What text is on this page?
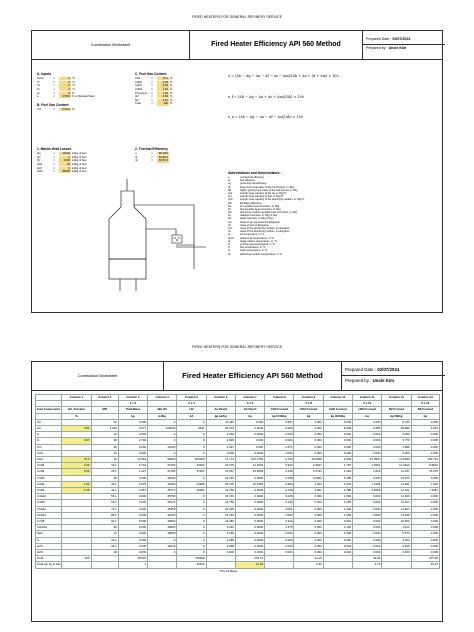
FIRED HEATERS FOR GENERAL REFINERY SERVICE
Combustion Worksheet	Fired Heater Efficiency API 560 Method
Prepared Date : 02/07/2024
Prepared by : Uncle Kim
A. Inputs
Tamb	=	0 °C
Tf	=	0 °C
Ta	=	0 °C
Ts	=	0 °C
ex	=	0 %
a	=	2.50% % of liberated heat
B. Fuel Gas Content
CO	=	0.00% %
C. Fuel Gas Content
CH4	=	75.4 %
C2H6	=	2.33 %
C2H4	=	5.06 %
C3H8	=	1.54 %
Propylene	=	1.56 %
H2	=	3.82 %
N2	=	6.07 %
Total	=	100 %
e = (Δh − Δq − Δa − Δf − Δs − Δm)/(Δh + Δa + Δf + Δm) × 100
e_f = (Δh − Δq − Δa + Δr + Δm)/(Δh) × 100
e_n = (Δh − Δq − Δa − Δf − Δs)/(Δh) × 100
1. Maxim Heat Losses
Qa	=	46130 kJ/kg of fuel
Qs	=	0 kJ/kg of fuel
Qr	=	1000 kJ/kg of fuel
ΔHa	=	43 kJ/kg of fuel
ΔHf	=	0 kJ/kg of fuel
ΔHm	=	88000 kJ/kg of fuel
2. Thermal Efficiency
η	=	85.18%
ηf	=	83.89%
ηn	=	83.51%
Abbreviations and Nomenclature :
e	net thermal efficiency
ef	fuel efficiency
eg	gross thermal efficiency
hL	lower (net) heat value of the fuel burned, in J/kg
hH	higher (gross) heat value of the fuel burned, in J/kg
cpa	specific heat capacity of the air, in J/kg°C
cpf	specific heat capacity of fuel, in J/kg°C
cpm	specific heat capacity of the atomizing medium, in J/kg°C
ΔH	Enthalpy difference
Δa	air sensible heat correction, in J/kg
Δf	fuel sensible heat correction, in J/kg
Δm	atomizing medium sensible heat correction, in J/kg
Δr	radiation heat loss, in J/kg of fuel
Δs	stack heat loss, in J/kg of fuel
ma	mass of air, expressed in kilograms
mf	mass of fuel, in kilograms
mm	mass of the atomizing medium, in kilograms
mt	mass of the atomizing medium, in kilograms
ta	air temperature, in °C
tamb	ambient air temperature, in °C
td	design datum temperature, in °C
ts	exit flue-gas temperature, in °C
tf	fuel temperature, in °C
ts	stack temperature, in °C
tm	atomizing medium temperature, in °C
FIRED HEATERS FOR GENERAL REFINERY SERVICE
Combustion Worksheet	Fired Heater Efficiency API 560 Method
Prepared Date : 02/07/2024
Prepared by : Uncle Kim
	Column 1	Column 2	Column 3	Column 4	Column 5	Column 6	Column 7	Column 8	Column 9	Column 10	Column 11	Column 12	Column 13
			1 x 2		2 x 4		3 x 6		3 x 8		3 x 10		3 x 12
Fuel Component	Vol. Fraction	MR	Total Mass	Net HV	HV	Air Req'd	Air Req'd	CO2 Formed	CO2 Formed	H2O Formed	H2O Formed	N2 Formed	N2 Formed
	%		kg	kJ/kg	kJ	kg air/kg	kg	kg CO2/kg	kg	kg H2O/kg	kg	kg N2/kg	kg
O2		32	0.000	0	0	11.446	0.000	0.667	0.000	0.000	0.000	6.730	0.000
H2	3.82	2.016	0.077	120000	9241	34.073	2.6240	0.000	0.000	8.929	0.686	25.989	2.001
C		12	0.000	0	0	4.292	0.0000	0.000	0.000	0.000	0.000	0.000	0.000
S	0.07	28	2.792	0	0	2.920	0.000	0.000	0.000	0.000	0.000	3.770	0.000
CO		28	0.000	10100	0	2.467	0.000	1.571	0.000	0.000	0.000	1.896	0.000
CO2		44	0.000	0	0	0.000	0.0000	1.000	0.000	0.000	0.000	0.000	0.000
CH4	75.4	16	12.064	50000	603200	17.173	207.1750	2.743	33.0938	2.246	27.0967	13.2380	159.701
C2H6	2.33	30.1	0.701	47490	33290	16.075	11.2634	2.934	2.0547	1.797	1.2591	12.3910	8.6824
C2H4	5.06	28.1	1.427	47190	67363	14.667	20.9369	3.138	4.4794	1.281	1.829	11.187	15.976
C3H6		28	0.000	46340	0	13.210	0.0000	3.138	0.0000	1.285	0.000	10.070	0.000
C3H8	1.54	44.1	0.679	46360	31485	15.576	10.5783	2.993	2.033	1.633	1.1091	11.661	7.920
C3H6	1.56	42.1	0.657	45770	30061	14.755	9.6905	3.138	2.061	1.285	0.8438	11.341	7.4487
C4H10		56.1	0.000	45750	0	15.370	0.0000	3.028	0.000	1.549	0.000	11.626	0.000
C4H8		56.1	0.000	45170	0	14.756	0.0000	3.138	0.000	1.285	0.000	11.327	0.000
C5H12		72.1	0.000	45350	0	15.305	0.0000	3.051	0.000	1.496	0.000	11.607	0.000
C6H14		86.2	0.000	45100	0	15.163	0.0000	3.064	0.000	1.463	0.000	11.495	0.000
C7H8		92.1	0.000	40960	0	13.280	0.0000	3.344	0.000	0.691	0.000	10.563	0.000
CH3OH		32	0.000	19960	0	6.440	0.0000	1.375	0.000	1.125	0.000	4.912	0.000
NH3		17	0.000	18600	0	6.150	0.0000	0.000	0.000	1.590	0.000	5.573	0.000
S		32.1	0.000	0	0	4.280	0.0000	0.000	0.000	0.000	0.000	3.264	0.000
H2S		34.1	0.000	15240	0	6.068	0.0000	0.000	0.000	0.529	0.000	4.646	0.000
H2O		18	0.000	0	0	0.000	0.0000	0.000	0.000	0.000	0.000	0.000	0.000
Total	100		18.524		786499		264.01		44.19		33.63		207.26
Total per kg of fuel			1		42133		14.25		2.39		1.79		10.97
*Dry Air Basis													
